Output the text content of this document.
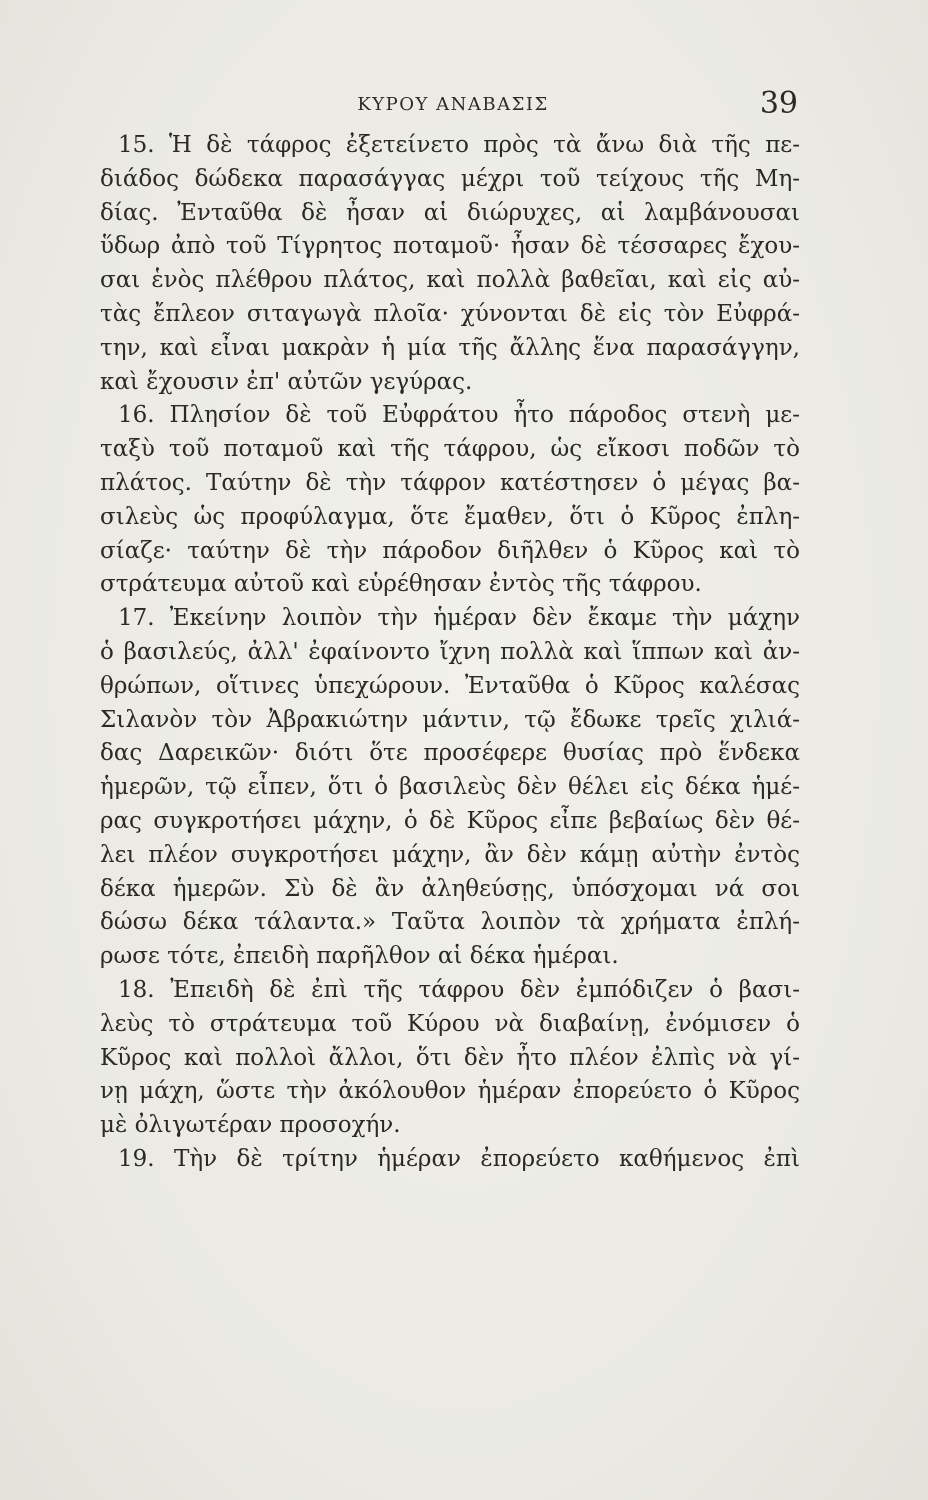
ΚΥΡΟΥ ΑΝΑΒΑΣΙΣ	39
15. Ἡ δὲ τάφρος ἐξετείνετο πρὸς τὰ ἄνω διὰ τῆς πε-
διάδος δώδεκα παρασάγγας μέχρι τοῦ τείχους τῆς Μη-
δίας. Ἐνταῦθα δὲ ἦσαν αἱ διώρυχες, αἱ λαμβάνουσαι
ὕδωρ ἀπὸ τοῦ Τίγρητος ποταμοῦ· ἦσαν δὲ τέσσαρες ἔχου-
σαι ἑνὸς πλέθρου πλάτος, καὶ πολλὰ βαθεῖαι, καὶ εἰς αὐ-
τὰς ἔπλεον σιταγωγὰ πλοῖα· χύνονται δὲ εἰς τὸν Εὐφρά-
την, καὶ εἶναι μακρὰν ἡ μία τῆς ἄλλης ἕνα παρασάγγην,
καὶ ἔχουσιν ἐπ' αὐτῶν γεγύρας.
16. Πλησίον δὲ τοῦ Εὐφράτου ἦτο πάροδος στενὴ με-
ταξὺ τοῦ ποταμοῦ καὶ τῆς τάφρου, ὡς εἴκοσι ποδῶν τὸ
πλάτος. Ταύτην δὲ τὴν τάφρον κατέστησεν ὁ μέγας βα-
σιλεὺς ὡς προφύλαγμα, ὅτε ἔμαθεν, ὅτι ὁ Κῦρος ἐπλη-
σίαζε· ταύτην δὲ τὴν πάροδον διῆλθεν ὁ Κῦρος καὶ τὸ
στράτευμα αὐτοῦ καὶ εὑρέθησαν ἐντὸς τῆς τάφρου.
17. Ἐκείνην λοιπὸν τὴν ἡμέραν δὲν ἔκαμε τὴν μάχην
ὁ βασιλεύς, ἀλλ' ἐφαίνοντο ἴχνη πολλὰ καὶ ἵππων καὶ ἀν-
θρώπων, οἵτινες ὑπεχώρουν. Ἐνταῦθα ὁ Κῦρος καλέσας
Σιλανὸν τὸν Ἀβρακιώτην μάντιν, τῷ ἔδωκε τρεῖς χιλιά-
δας Δαρεικῶν· διότι ὅτε προσέφερε θυσίας πρὸ ἕνδεκα
ἡμερῶν, τῷ εἶπεν, ὅτι ὁ βασιλεὺς δὲν θέλει εἰς δέκα ἡμέ-
ρας συγκροτήσει μάχην, ὁ δὲ Κῦρος εἶπε βεβαίως δὲν θέ-
λει πλέον συγκροτήσει μάχην, ἂν δὲν κάμῃ αὐτὴν ἐντὸς
δέκα ἡμερῶν. Σὺ δὲ ἂν ἀληθεύσῃς, ὑπόσχομαι νά σοι
δώσω δέκα τάλαντα.» Ταῦτα λοιπὸν τὰ χρήματα ἐπλή-
ρωσε τότε, ἐπειδὴ παρῆλθον αἱ δέκα ἡμέραι.
18. Ἐπειδὴ δὲ ἐπὶ τῆς τάφρου δὲν ἐμπόδιζεν ὁ βασι-
λεὺς τὸ στράτευμα τοῦ Κύρου νὰ διαβαίνῃ, ἐνόμισεν ὁ
Κῦρος καὶ πολλοὶ ἄλλοι, ὅτι δὲν ἦτο πλέον ἐλπὶς νὰ γί-
νῃ μάχη, ὥστε τὴν ἀκόλουθον ἡμέραν ἐπορεύετο ὁ Κῦρος
μὲ ὀλιγωτέραν προσοχήν.
19. Τὴν δὲ τρίτην ἡμέραν ἐπορεύετο καθήμενος ἐπὶ
